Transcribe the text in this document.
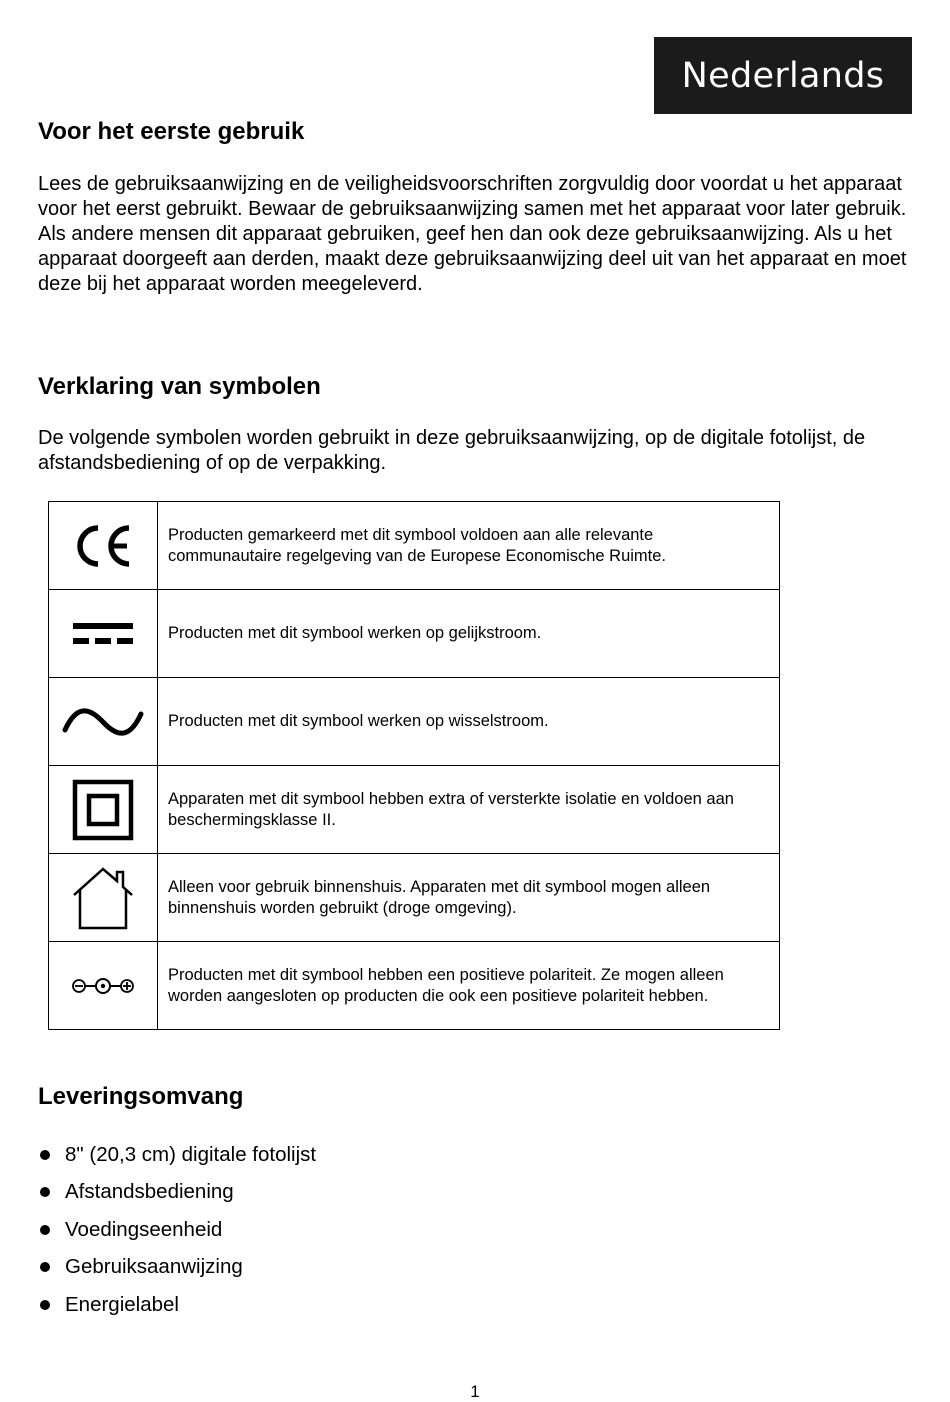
Nederlands
Voor het eerste gebruik

Lees de gebruiksaanwijzing en de veiligheidsvoorschriften zorgvuldig door voordat u het apparaat voor het eerst gebruikt. Bewaar de gebruiksaanwijzing samen met het apparaat voor later gebruik. Als andere mensen dit apparaat gebruiken, geef hen dan ook deze gebruiksaanwijzing. Als u het apparaat doorgeeft aan derden, maakt deze gebruiksaanwijzing deel uit van het apparaat en moet deze bij het apparaat worden meegeleverd.

Verklaring van symbolen

De volgende symbolen worden gebruikt in deze gebruiksaanwijzing, op de digitale fotolijst, de afstandsbediening of op de verpakking.

	Producten gemarkeerd met dit symbool voldoen aan alle relevante communautaire regelgeving van de Europese Economische Ruimte.

	Producten met dit symbool werken op gelijkstroom.

	Producten met dit symbool werken op wisselstroom.

	Apparaten met dit symbool hebben extra of versterkte isolatie en voldoen aan beschermingsklasse II.

	Alleen voor gebruik binnenshuis. Apparaten met dit symbool mogen alleen binnenshuis worden gebruikt (droge omgeving).

	Producten met dit symbool hebben een positieve polariteit. Ze mogen alleen worden aangesloten op producten die ook een positieve polariteit hebben.
Leveringsomvang
8" (20,3 cm) digitale fotolijst
Afstandsbediening
Voedingseenheid
Gebruiksaanwijzing
Energielabel
1
